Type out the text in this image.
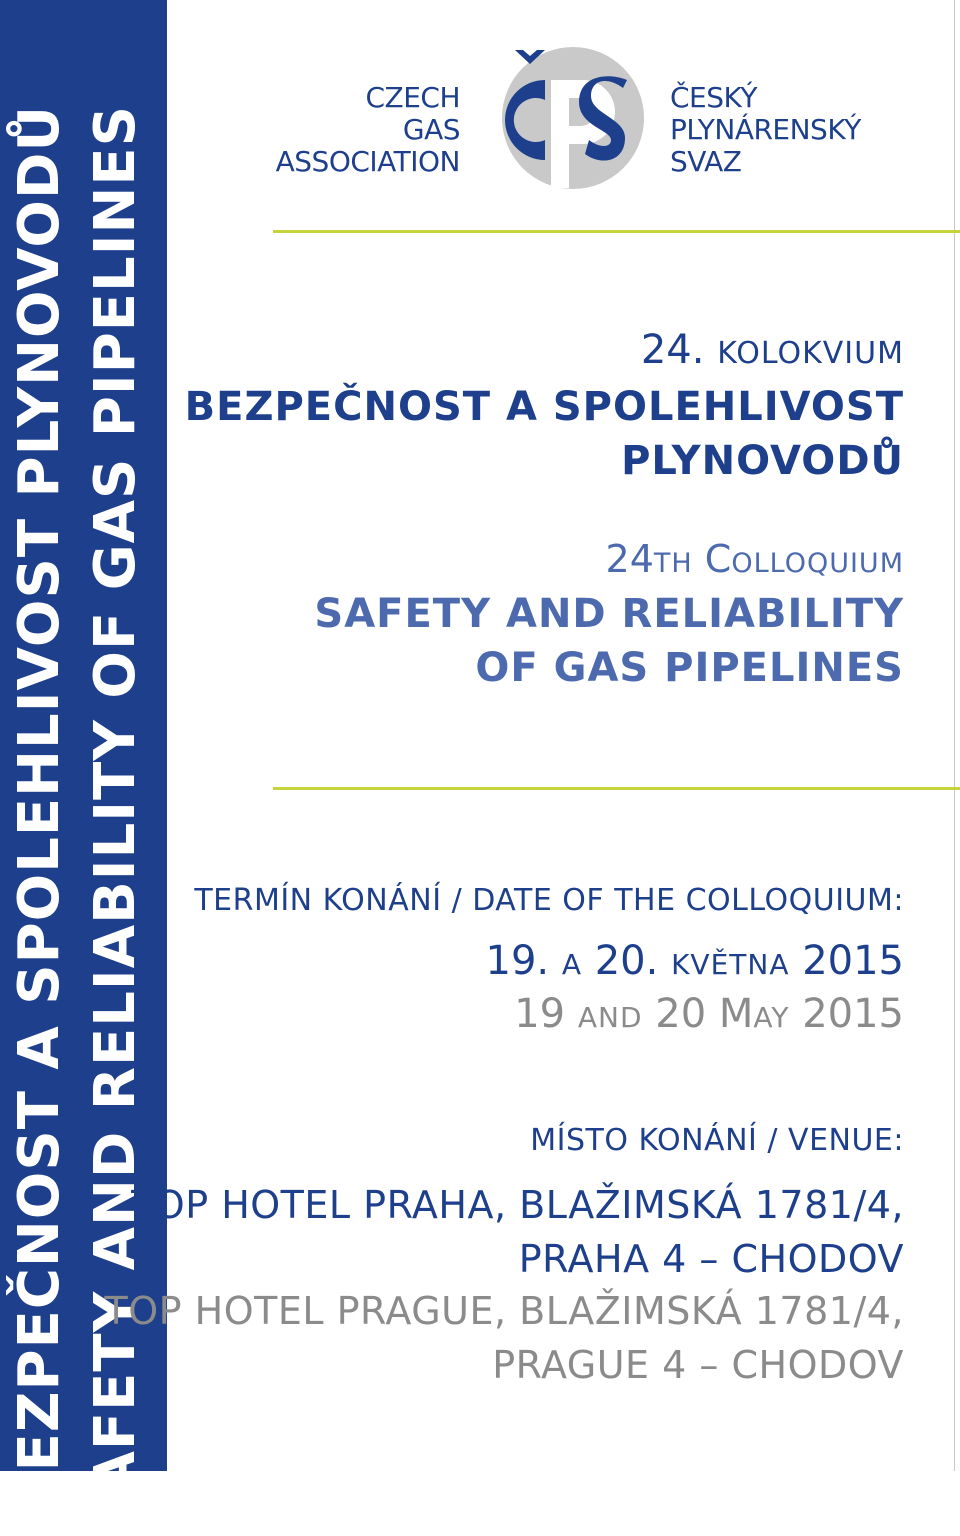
BEZPEČNOST A SPOLEHLIVOST PLYNOVODŮ SAFETY AND RELIABILITY OF GAS PIPELINES
CZECH
GAS
ASSOCIATION
ČESKÝ
PLYNÁRENSKÝ
SVAZ
24. KOLOKVIUM
BEZPEČNOST A SPOLEHLIVOST
PLYNOVODŮ
24TH COLLOQUIUM
SAFETY AND RELIABILITY
OF GAS PIPELINES
TERMÍN KONÁNÍ / DATE OF THE COLLOQUIUM:
19. A 20. KVĚTNA 2015
19 AND 20 MAY 2015
MÍSTO KONÁNÍ / VENUE:
TOP HOTEL PRAHA, BLAŽIMSKÁ 1781/4,
PRAHA 4 – CHODOV
TOP HOTEL PRAGUE, BLAŽIMSKÁ 1781/4,
PRAGUE 4 – CHODOV
